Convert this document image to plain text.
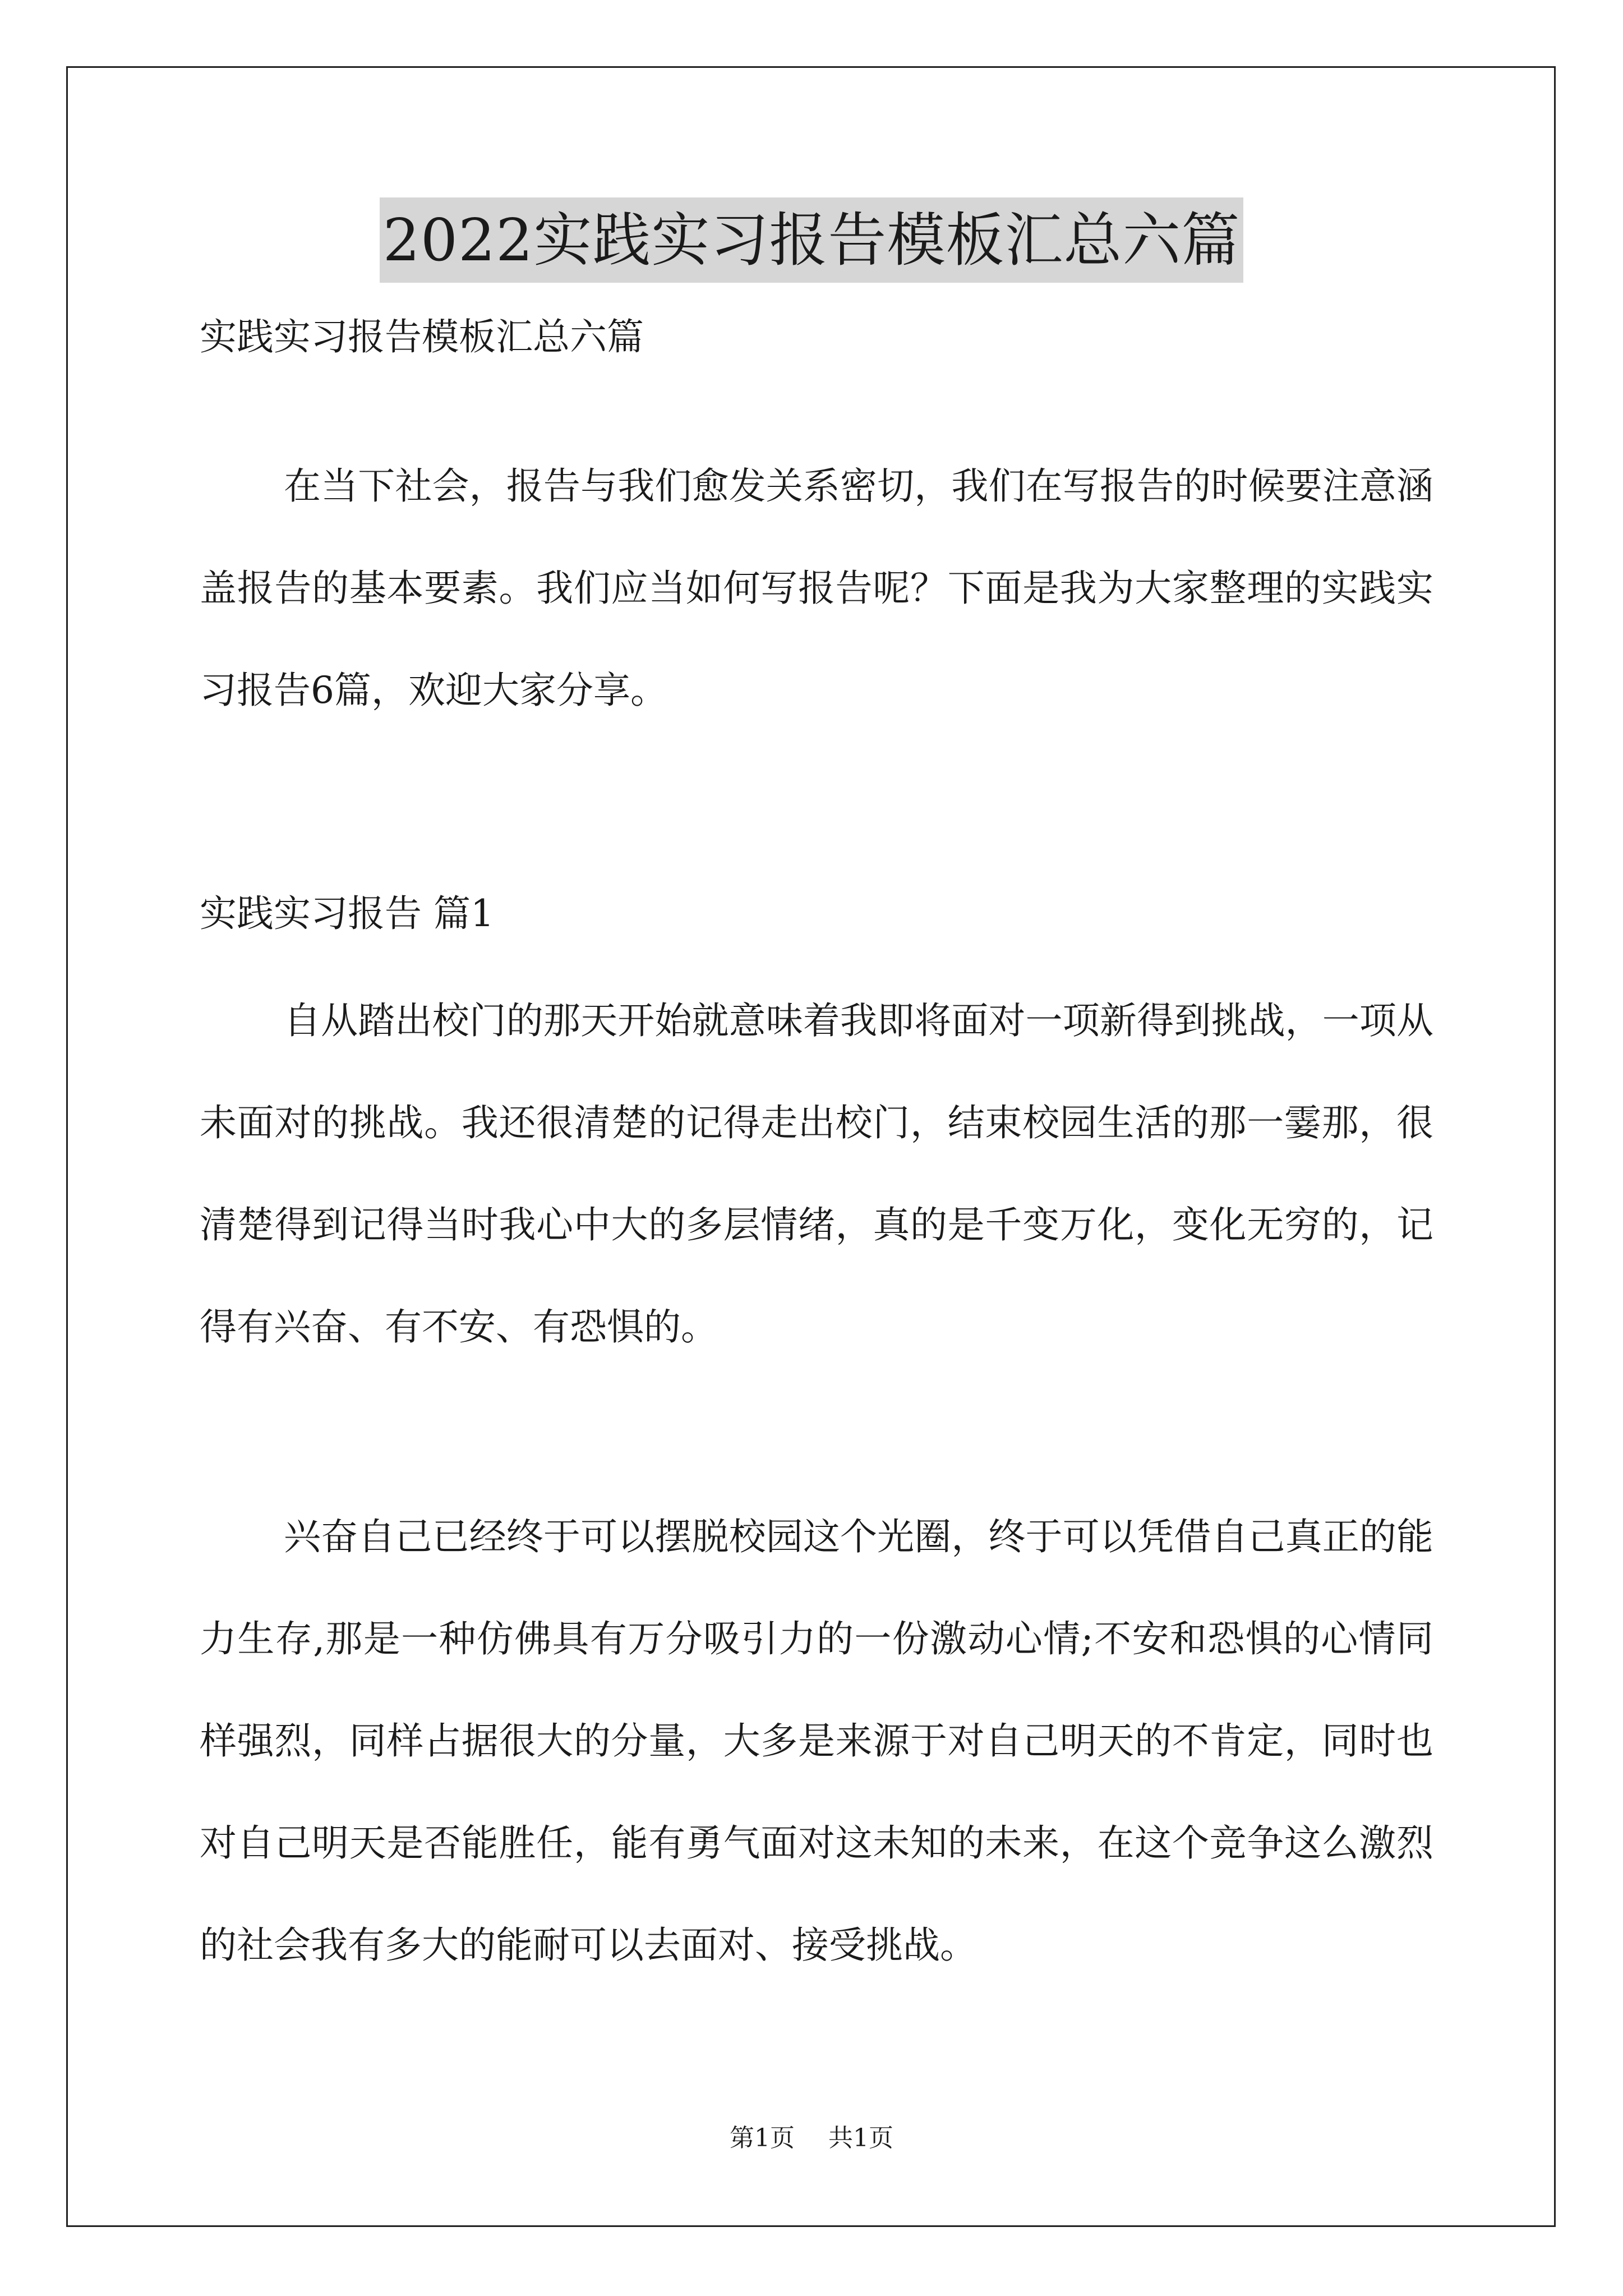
2022实践实习报告模板汇总六篇
实践实习报告模板汇总六篇

在当下社会，报告与我们愈发关系密切，我们在写报告的时候要注意涵盖报告的基本要素。我们应当如何写报告呢？下面是我为大家整理的实践实习报告6篇，欢迎大家分享。

实践实习报告 篇1

自从踏出校门的那天开始就意味着我即将面对一项新得到挑战，一项从未面对的挑战。我还很清楚的记得走出校门，结束校园生活的那一霎那，很清楚得到记得当时我心中大的多层情绪，真的是千变万化，变化无穷的，记得有兴奋、有不安、有恐惧的。

兴奋自己已经终于可以摆脱校园这个光圈，终于可以凭借自己真正的能力生存,那是一种仿佛具有万分吸引力的一份激动心情;不安和恐惧的心情同样强烈，同样占据很大的分量，大多是来源于对自己明天的不肯定，同时也对自己明天是否能胜任，能有勇气面对这未知的未来，在这个竞争这么激烈的社会我有多大的能耐可以去面对、接受挑战。

第1页 共1页
